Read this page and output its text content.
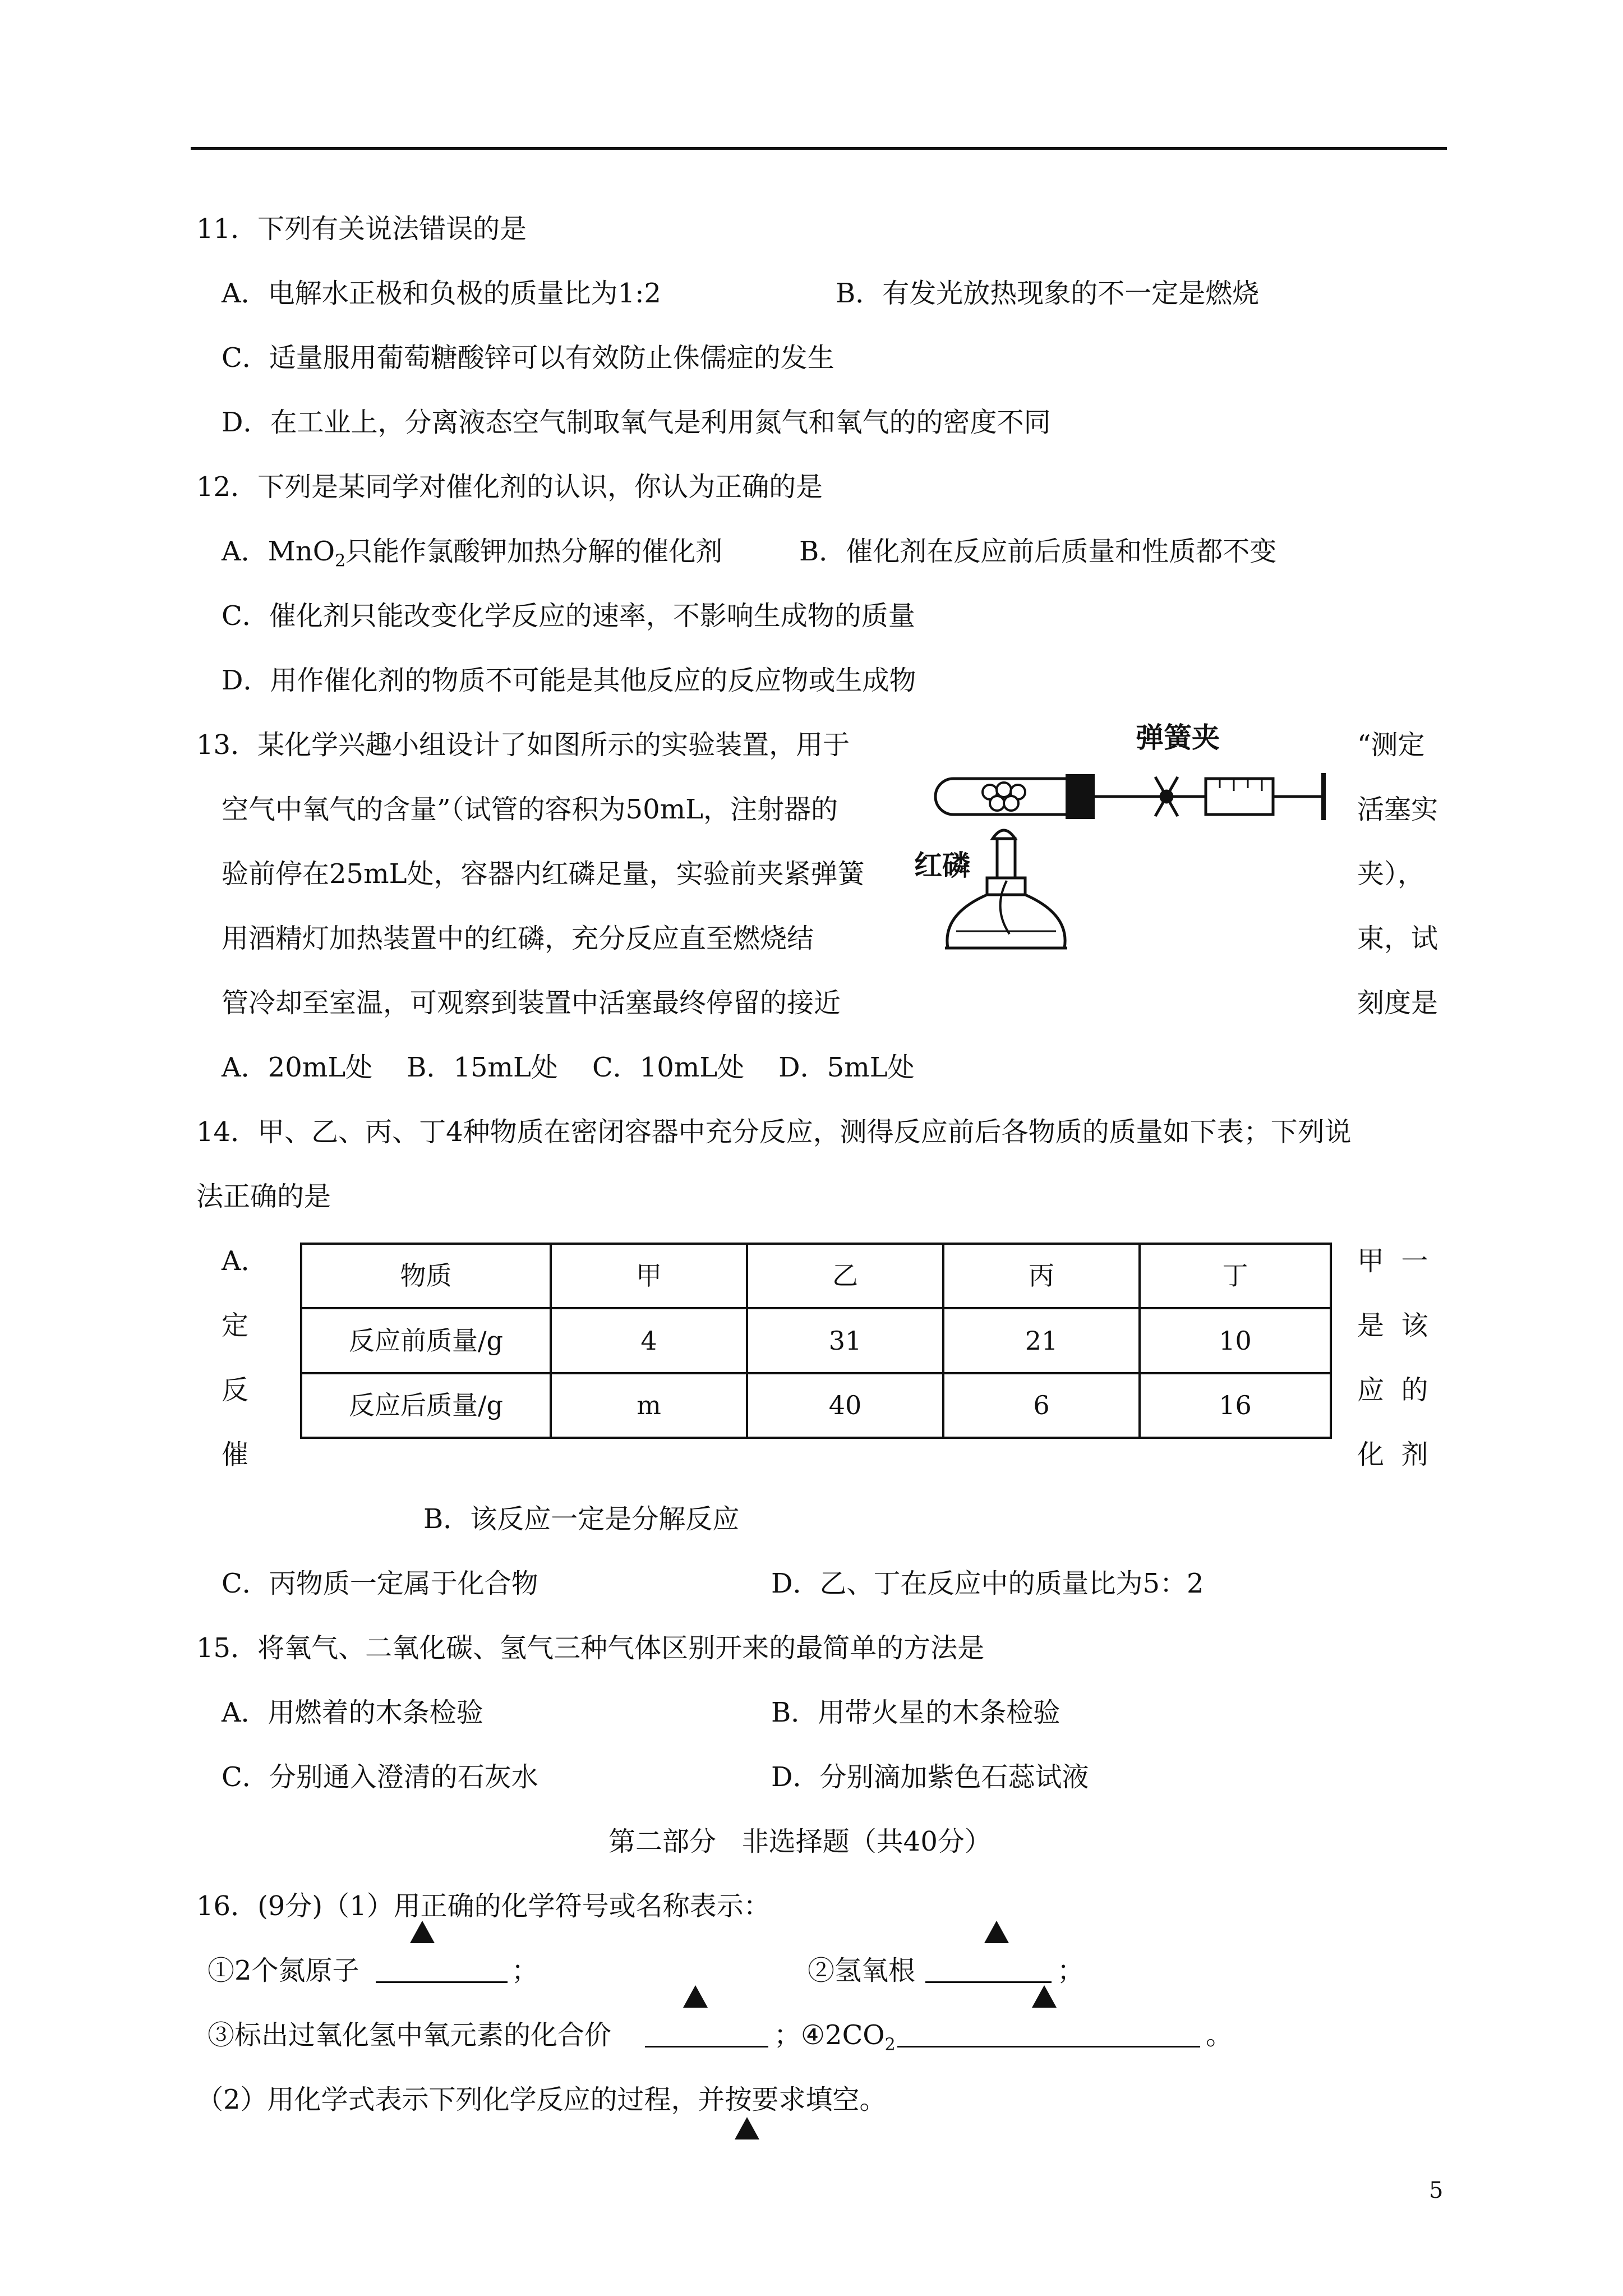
11．下列有关说法错误的是
A．电解水正极和负极的质量比为1:2	B．有发光放热现象的不一定是燃烧
C．适量服用葡萄糖酸锌可以有效防止侏儒症的发生
D．在工业上，分离液态空气制取氧气是利用氮气和氧气的的密度不同
12．下列是某同学对催化剂的认识，你认为正确的是
A．MnO$_2$只能作氯酸钾加热分解的催化剂	B．催化剂在反应前后质量和性质都不变
C．催化剂只能改变化学反应的速率，不影响生成物的质量
D．用作催化剂的物质不可能是其他反应的反应物或生成物
13．某化学兴趣小组设计了如图所示的实验装置，用于	“测定
空气中氧气的含量”（试管的容积为50mL，注射器的	活塞实
验前停在25mL处，容器内红磷足量，实验前夹紧弹簧	夹），
用酒精灯加热装置中的红磷，充分反应直至燃烧结	束，试
管冷却至室温，可观察到装置中活塞最终停留的接近	刻度是
A．20mL处    B．15mL处    C．10mL处    D．5mL处
弹簧夹
红磷
14．甲、乙、丙、丁4种物质在密闭容器中充分反应，测得反应前后各物质的质量如下表；下列说
法正确的是
A．
定
反
催
甲  一
是  该
应  的
化  剂
物质	甲	乙	丙	丁
反应前质量/g	4	31	21	10
反应后质量/g	m	40	6	16
B．该反应一定是分解反应
C．丙物质一定属于化合物	D．乙、丁在反应中的质量比为5：2
15．将氧气、二氧化碳、氢气三种气体区别开来的最简单的方法是
A．用燃着的木条检验	B．用带火星的木条检验
C．分别通入澄清的石灰水	D．分别滴加紫色石蕊试液
第二部分   非选择题（共40分）
16．(9分)（1）用正确的化学符号或名称表示：
①2个氮原子	；	②氢氧根	；
③标出过氧化氢中氧元素的化合价	； $④2CO_2$	。
（2）用化学式表示下列化学反应的过程，并按要求填空。
5
